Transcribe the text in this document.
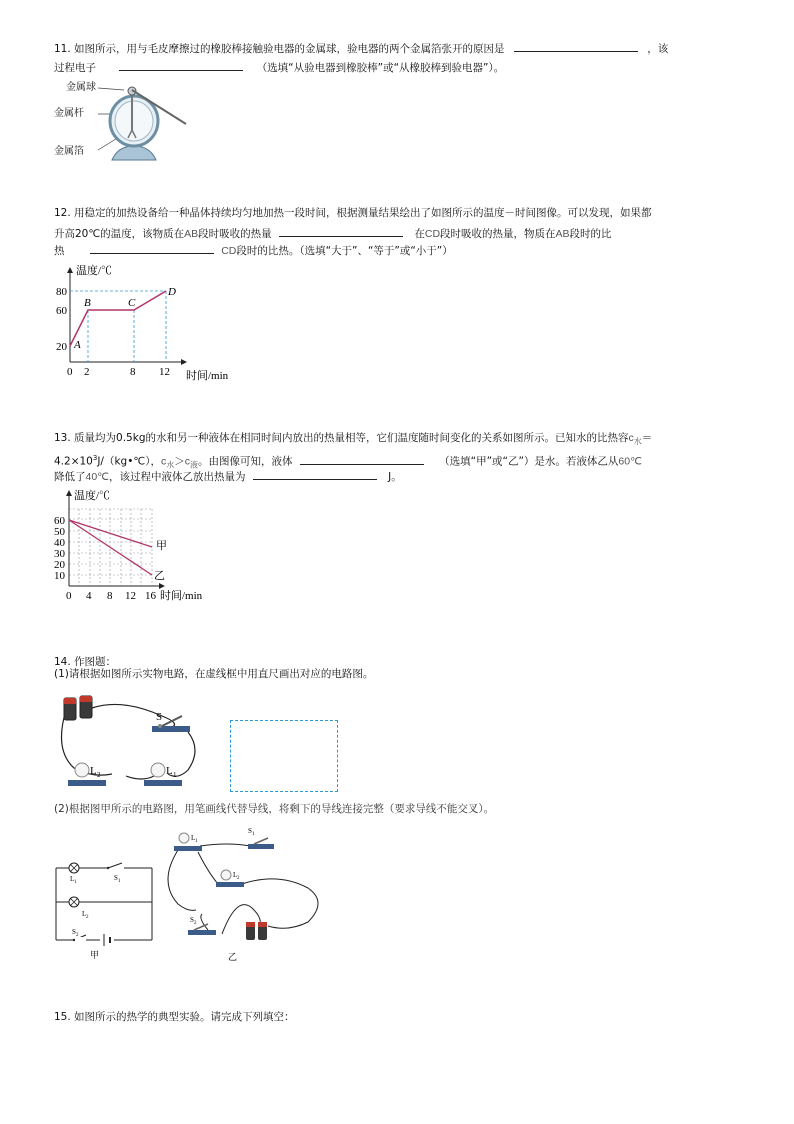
11. 如图所示，用与毛皮摩擦过的橡胶棒接触验电器的金属球，验电器的两个金属箔张开的原因是	，该
过程电子	（选填“从验电器到橡胶棒”或“从橡胶棒到验电器”）。
金属球
金属杆
金属箔
12. 用稳定的加热设备给一种晶体持续均匀地加热一段时间，根据测量结果绘出了如图所示的温度－时间图像。可以发现，如果都
升高20℃的温度，该物质在AB段时吸收的热量	在CD段时吸收的热量，物质在AB段时的比
热	CD段时的比热。（选填“大于”、“等于”或“小于”）
温度/℃
时间/min
80
60
20
0 2	8 12
A
B	C
D
13. 质量均为0.5kg的水和另一种液体在相同时间内放出的热量相等，它们温度随时间变化的关系如图所示。已知水的比热容$c_水=$
$4.2\times 10^3J/(kg•℃)$，$c_水>c_液$。由图像可知，液体	（选填“甲”或“乙”）是水。若液体乙从60℃
降低了40℃，该过程中液体乙放出热量为	J。
温度/℃
时间/min
甲
乙
60
50
40
30
20
10
0 4 8 12 16
14. 作图题：
(1)请根据如图所示实物电路，在虚线框中用直尺画出对应的电路图。
S
L 2	L 1
(2)根据图甲所示的电路图，用笔画线代替导线，将剩下的导线连接完整（要求导线不能交叉）。
L 1
S 1
L 2
S 2
甲
L 1
S 1
L 2
S 2
乙
15. 如图所示的热学的典型实验。请完成下列填空：
